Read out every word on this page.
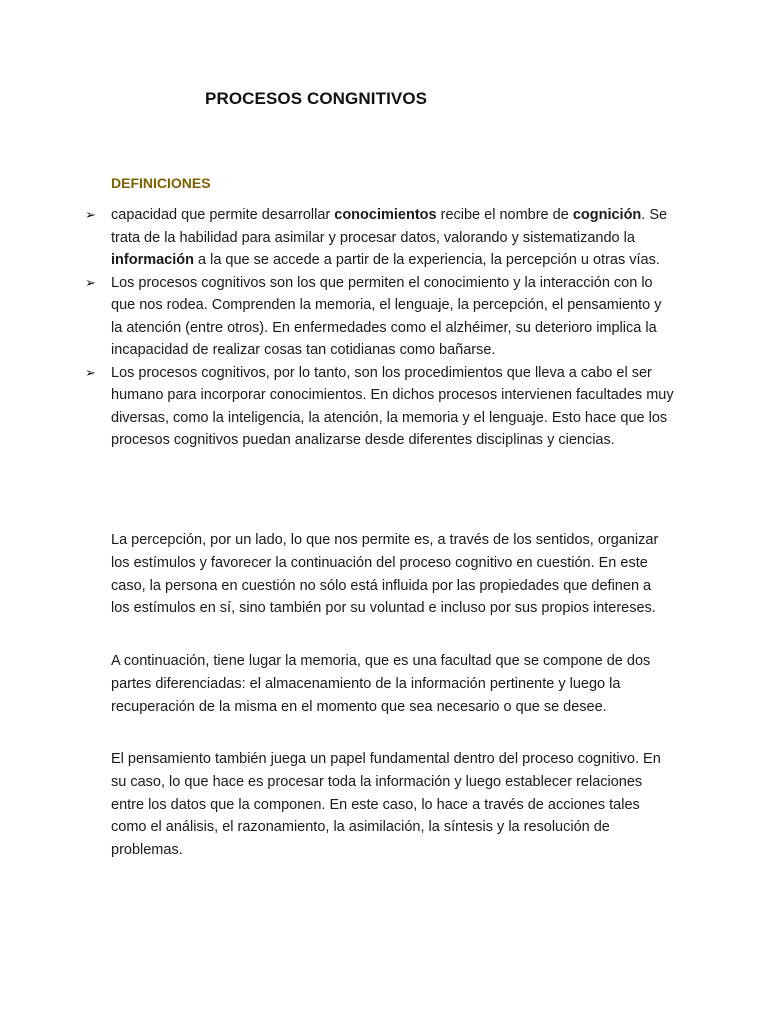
PROCESOS CONGNITIVOS
DEFINICIONES
➢	capacidad que permite desarrollar conocimientos recibe el nombre de cognición. Se trata de la habilidad para asimilar y procesar datos, valorando y sistematizando la información a la que se accede a partir de la experiencia, la percepción u otras vías.
➢	Los procesos cognitivos son los que permiten el conocimiento y la interacción con lo que nos rodea. Comprenden la memoria, el lenguaje, la percepción, el pensamiento y la atención (entre otros). En enfermedades como el alzhéimer, su deterioro implica la incapacidad de realizar cosas tan cotidianas como bañarse.
➢	Los procesos cognitivos, por lo tanto, son los procedimientos que lleva a cabo el ser humano para incorporar conocimientos. En dichos procesos intervienen facultades muy diversas, como la inteligencia, la atención, la memoria y el lenguaje. Esto hace que los procesos cognitivos puedan analizarse desde diferentes disciplinas y ciencias.

La percepción, por un lado, lo que nos permite es, a través de los sentidos, organizar los estímulos y favorecer la continuación del proceso cognitivo en cuestión. En este caso, la persona en cuestión no sólo está influida por las propiedades que definen a los estímulos en sí, sino también por su voluntad e incluso por sus propios intereses.

A continuación, tiene lugar la memoria, que es una facultad que se compone de dos partes diferenciadas: el almacenamiento de la información pertinente y luego la recuperación de la misma en el momento que sea necesario o que se desee.

El pensamiento también juega un papel fundamental dentro del proceso cognitivo. En su caso, lo que hace es procesar toda la información y luego establecer relaciones entre los datos que la componen. En este caso, lo hace a través de acciones tales como el análisis, el razonamiento, la asimilación, la síntesis y la resolución de problemas.
